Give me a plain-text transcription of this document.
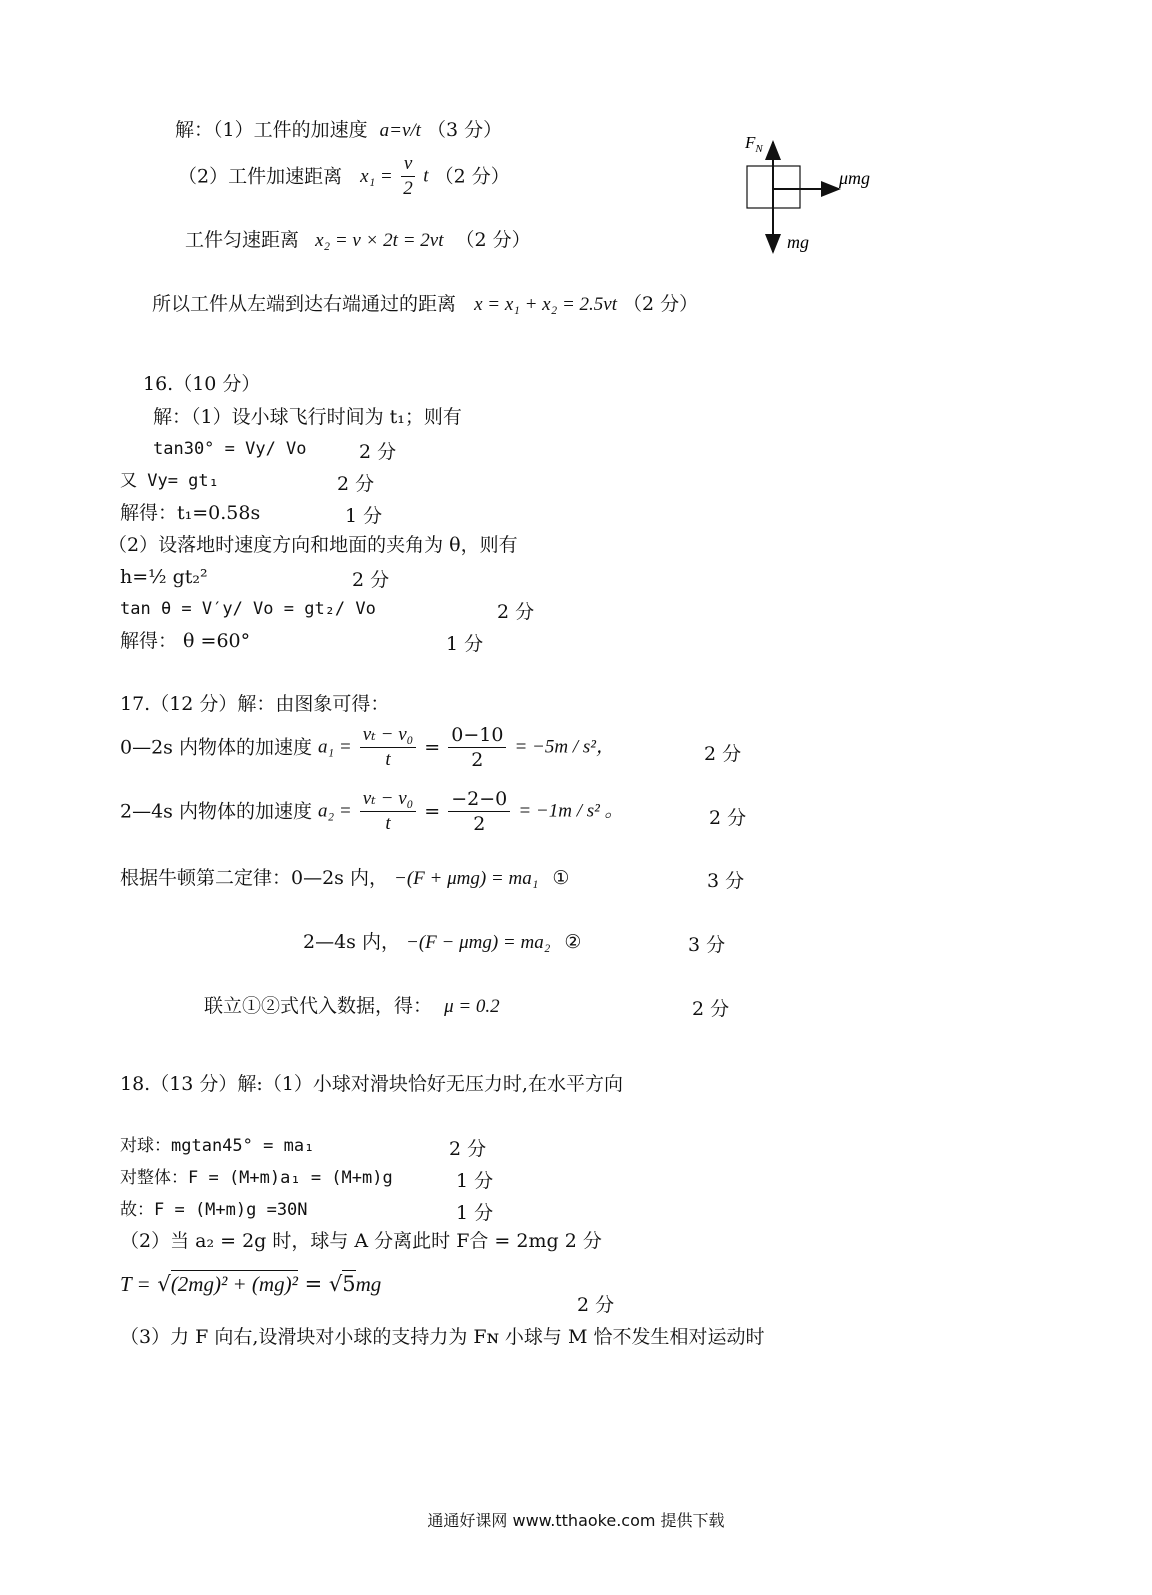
解：（1）工件的加速度 a=v/t （3 分）
（2）工件加速距离 $x_1 = \frac{v}{2}$ t （2 分）
工件匀速距离 x₂ = v × 2t = 2vt （2 分）
所以工件从左端到达右端通过的距离 x = x₁ + x₂ = 2.5vt （2 分）
$F_N$
μmg
mg
16.（10 分）
解：（1）设小球飞行时间为 t₁；则有
tan30° = Vy/ Vo	2 分
又 Vy= gt₁	2 分
解得：t₁=0.58s	1 分
（2）设落地时速度方向和地面的夹角为 θ，则有
h=½ gt₂²	2 分
tan θ = V′y/ Vo = gt₂/ Vo	2 分
解得： θ =60°	1 分
17.（12 分）解：由图象可得：
0—2s 内物体的加速度 $a_1 = \frac{\text{vₜ − v₀}}{t} = \frac{0-10}{2} = -5m / s^2$，	2 分
2—4s 内物体的加速度 $a_2 = \frac{\text{vₜ − v₀}}{t} = \frac{-2-0}{2} = -1m / s^2$ 。	2 分
根据牛顿第二定律：0—2s 内， −(F + μmg) = ma₁ ①	3 分
2—4s 内， −(F − μmg) = ma₂ ②	3 分
联立①②式代入数据，得： μ = 0.2	2 分
18.（13 分）解:（1）小球对滑块恰好无压力时,在水平方向
对球：mgtan45° = ma₁	2 分
对整体：F = (M+m)a₁ = (M+m)g	1 分
故：F = (M+m)g =30N	1 分
（2）当 a₂ = 2g 时，球与 A 分离此时 F合 = 2mg 2 分
T = √(2mg)² + (mg)² = √5mg
2 分
（3）力 F 向右,设滑块对小球的支持力为 Fɴ 小球与 M 恰不发生相对运动时
通通好课网 www.tthaoke.com 提供下载
